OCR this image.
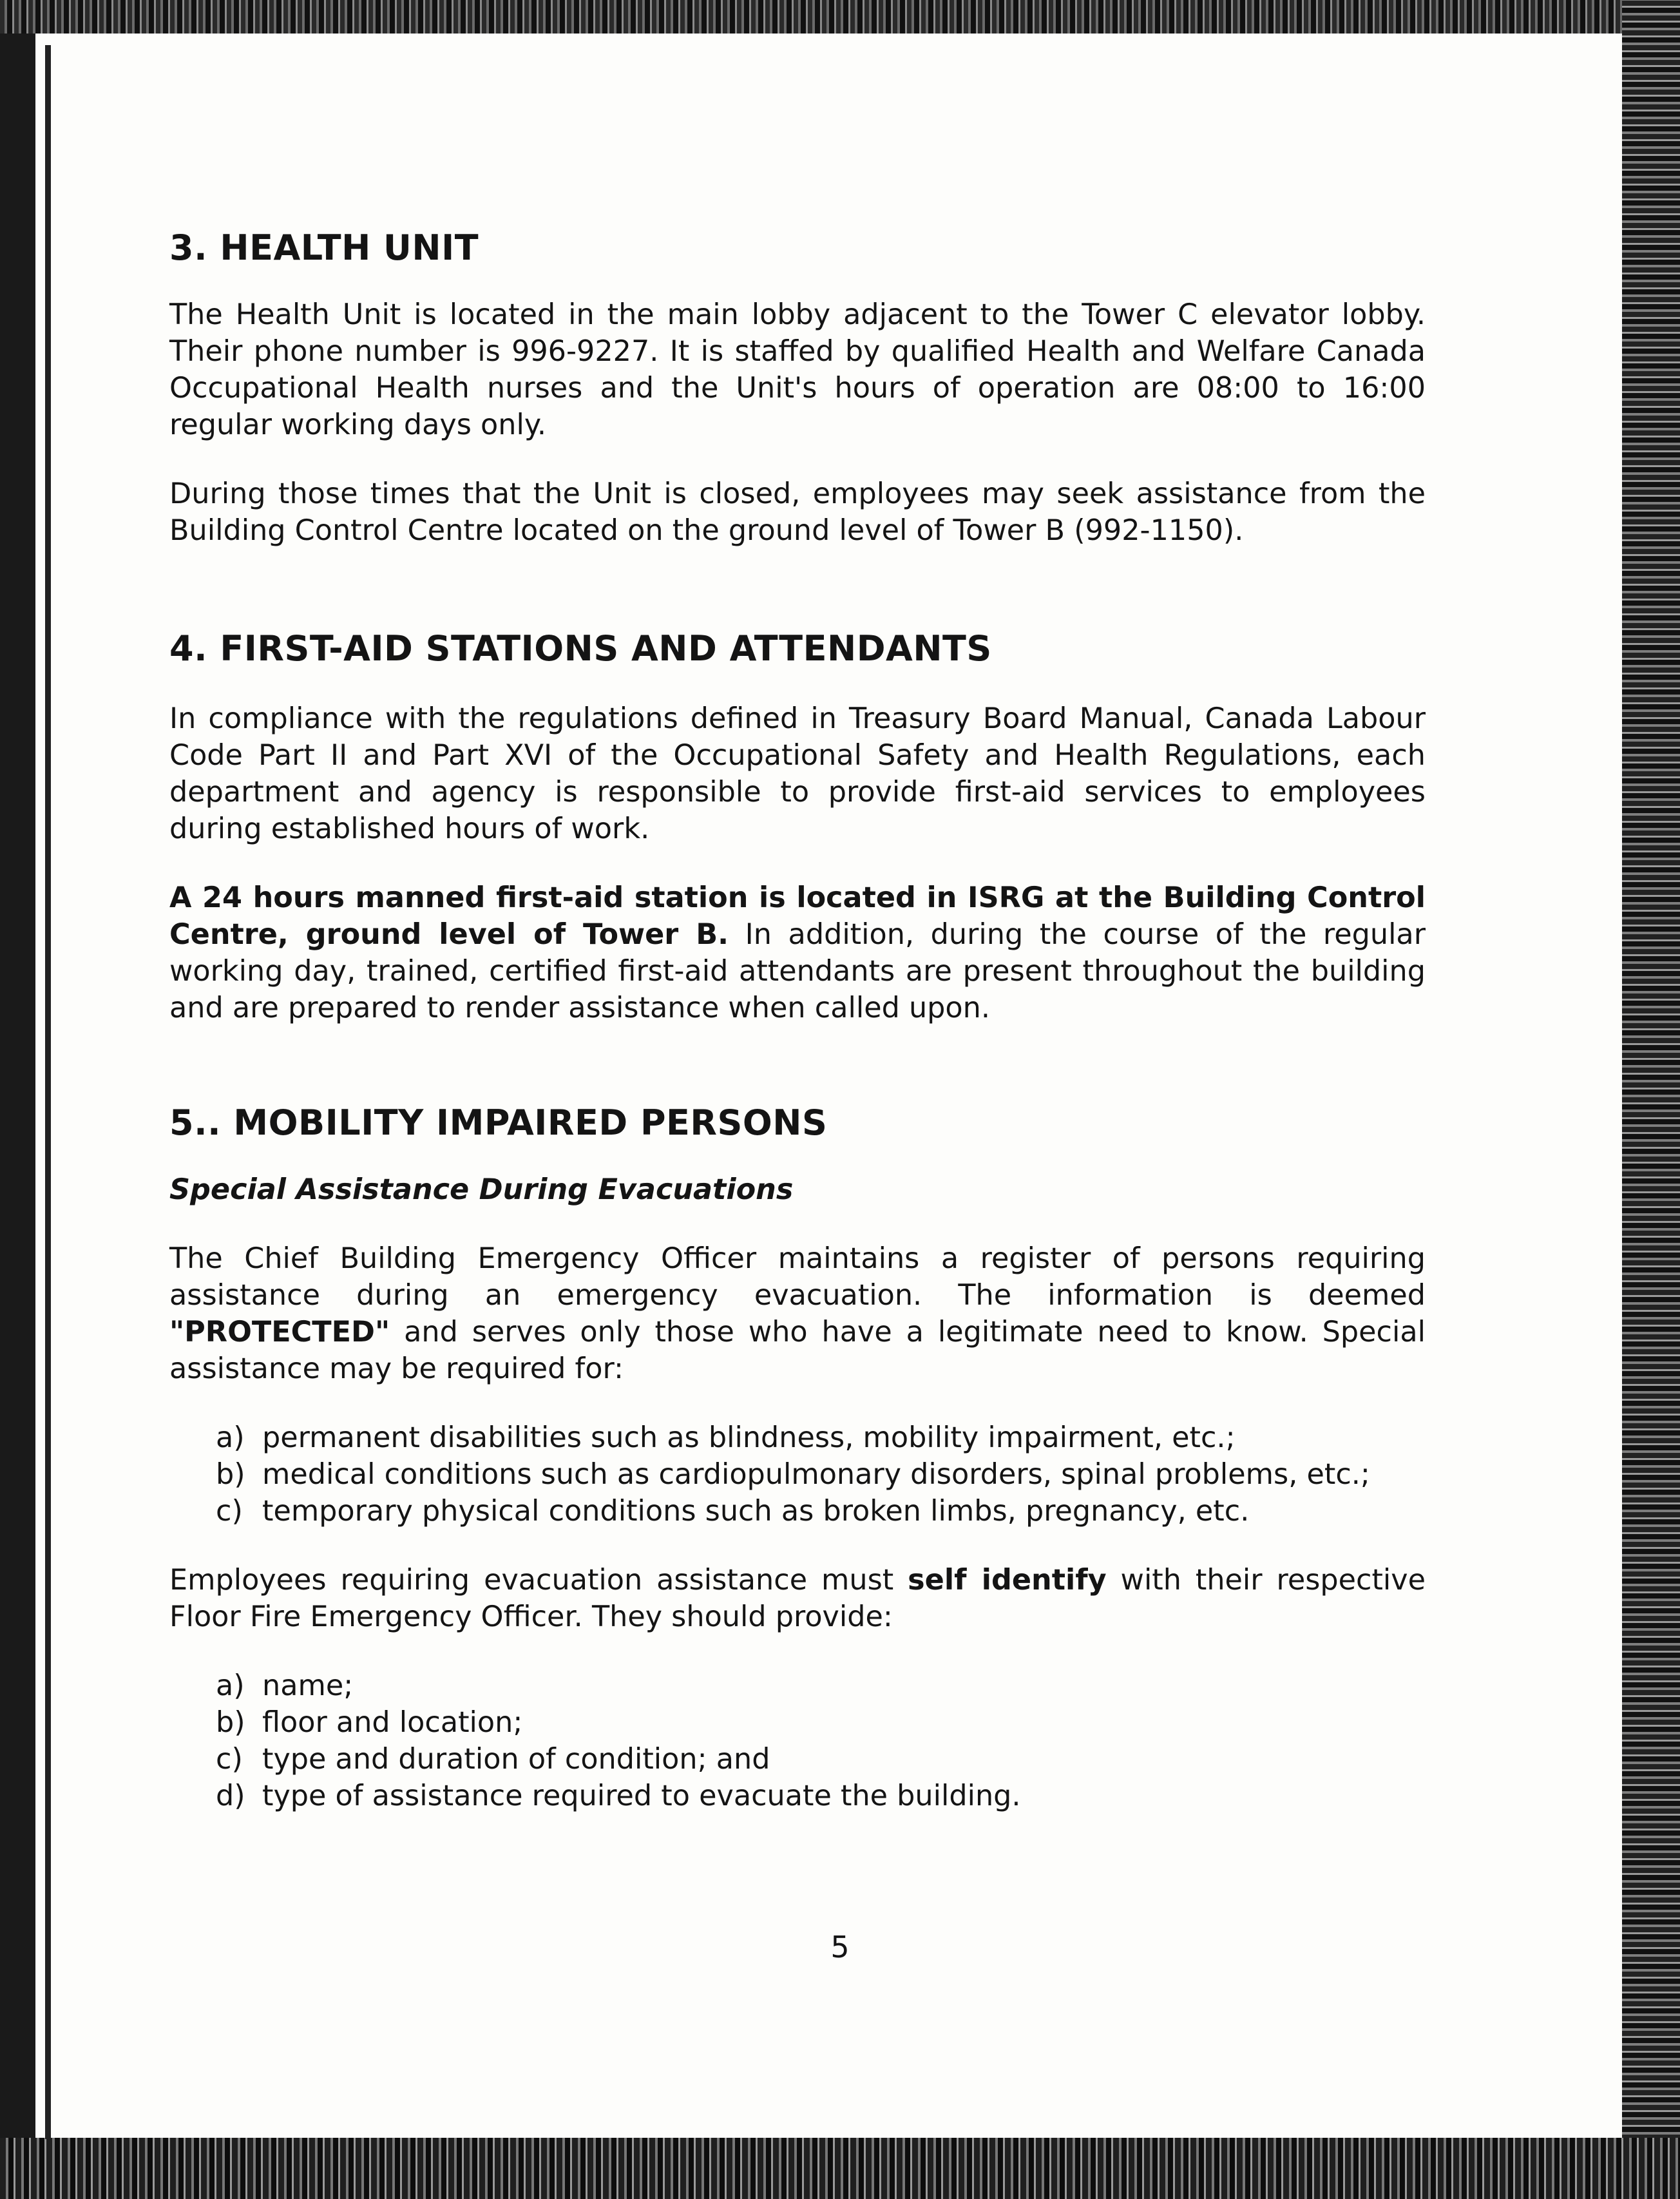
3. HEALTH UNIT

The Health Unit is located in the main lobby adjacent to the Tower C elevator lobby. Their phone number is 996-9227. It is staffed by qualified Health and Welfare Canada Occupational Health nurses and the Unit's hours of operation are 08:00 to 16:00 regular working days only.

During those times that the Unit is closed, employees may seek assistance from the Building Control Centre located on the ground level of Tower B (992-1150).

4. FIRST-AID STATIONS AND ATTENDANTS

In compliance with the regulations defined in Treasury Board Manual, Canada Labour Code Part II and Part XVI of the Occupational Safety and Health Regulations, each department and agency is responsible to provide first-aid services to employees during established hours of work.

A 24 hours manned first-aid station is located in ISRG at the Building Control Centre, ground level of Tower B. In addition, during the course of the regular working day, trained, certified first-aid attendants are present throughout the building and are prepared to render assistance when called upon.

5.. MOBILITY IMPAIRED PERSONS
Special Assistance During Evacuations

The Chief Building Emergency Officer maintains a register of persons requiring assistance during an emergency evacuation. The information is deemed "PROTECTED" and serves only those who have a legitimate need to know. Special assistance may be required for:

a) permanent disabilities such as blindness, mobility impairment, etc.;
b) medical conditions such as cardiopulmonary disorders, spinal problems, etc.;
c) temporary physical conditions such as broken limbs, pregnancy, etc.

Employees requiring evacuation assistance must self identify with their respective Floor Fire Emergency Officer. They should provide:

a) name;
b) floor and location;
c) type and duration of condition; and
d) type of assistance required to evacuate the building.
5
